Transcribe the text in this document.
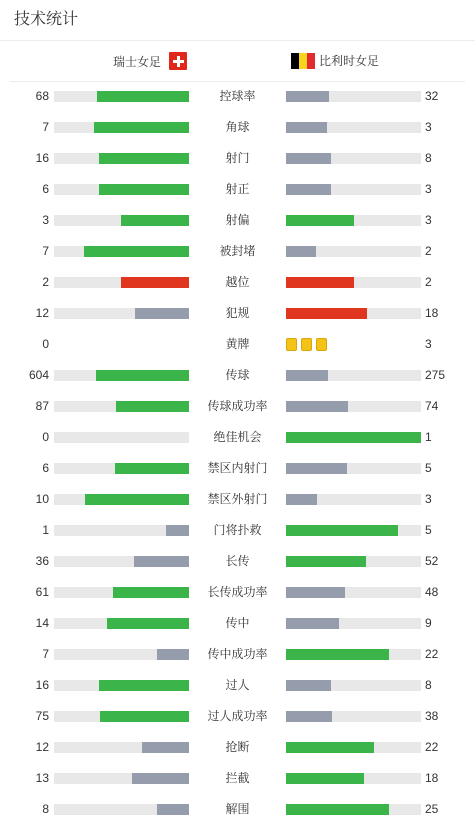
技术统计
瑞士女足	比利时女足
68	控球率	32
7	角球	3
16	射门	8
6	射正	3
3	射偏	3
7	被封堵	2
2	越位	2
12	犯规	18
0	黄牌	3
604	传球	275
87	传球成功率	74
0	绝佳机会	1
6	禁区内射门	5
10	禁区外射门	3
1	门将扑救	5
36	长传	52
61	长传成功率	48
14	传中	9
7	传中成功率	22
16	过人	8
75	过人成功率	38
12	抢断	22
13	拦截	18
8	解围	25
